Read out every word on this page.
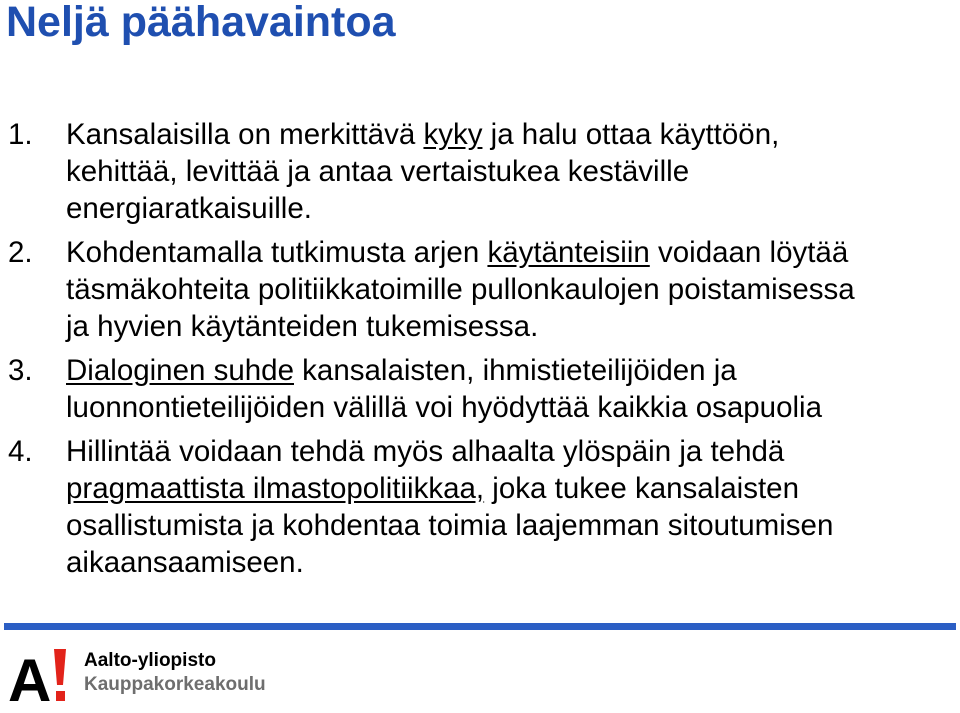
Neljä päähavaintoa
1. Kansalaisilla on merkittävä kyky ja halu ottaa käyttöön,
kehittää, levittää ja antaa vertaistukea kestäville
energiaratkaisuille.
2. Kohdentamalla tutkimusta arjen käytänteisiin voidaan löytää
täsmäkohteita politiikkatoimille pullonkaulojen poistamisessa
ja hyvien käytänteiden tukemisessa.
3. Dialoginen suhde kansalaisten, ihmistieteilijöiden ja
luonnontieteilijöiden välillä voi hyödyttää kaikkia osapuolia
4. Hillintää voidaan tehdä myös alhaalta ylöspäin ja tehdä
pragmaattista ilmastopolitiikkaa, joka tukee kansalaisten
osallistumista ja kohdentaa toimia laajemman sitoutumisen
aikaansaamiseen.
A Aalto-yliopisto
Kauppakorkeakoulu
